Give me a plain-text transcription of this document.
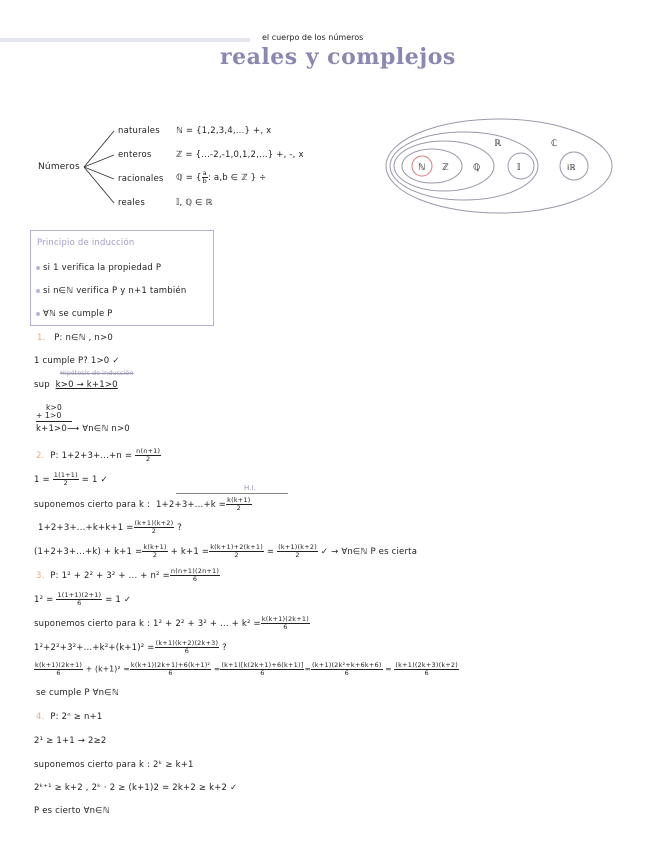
el cuerpo de los números
reales y complejos
Números
naturales ℕ = {1,2,3,4,...} +, x
enteros	ℤ = {...-2,-1,0,1,2,...} +, -, x
racionales ℚ = { $\frac{a}{b}$ : a,b ∈ ℤ } ÷
reales	𝕀, ℚ ∈ ℝ
ℕ ℤ	ℚ
ℝ
𝕀
ℂ
iℝ
Principio de inducción
si 1 verifica la propiedad P
si n∈ℕ verifica P y n+1 también
∀ℕ se cumple P
1. P: n∈ℕ , n>0
1 cumple P? 1>0 ✓
Hipótesis de inducción
sup k>0 → k+1>0
k>0
+ 1>0
k+1>0⟶ ∀n∈ℕ n>0
2. P: $1+2+3+...+n = \frac{n(n+1)}{2}$
$1 = \frac{1(1+1)}{2} = 1$ ✓
H.I.
suponemos cierto para k : $1+2+3+...+k = \frac{k(k+1)}{2}$
$1+2+3+...+k+k+1 = \frac{(k+1)(k+2)}{2}$ ?
$(1+2+3+...+k) + k+1 = \frac{k(k+1)}{2} + k+1 = \frac{k(k+1)+2(k+1)}{2} = \frac{(k+1)(k+2)}{2}$ ✓ → ∀n∈ℕ P es cierta
3. P: 1² + 2² + 3² + ... + $n^2 = \frac{n(n+1)(2n+1)}{6}$
$1^2 = \frac{1(1+1)(2+1)}{6} = 1$ ✓
suponemos cierto para k : 1² + 2² + 3² + ... + $k^2 = \frac{k(k+1)(2k+1)}{6}$
$1^2+2^2+3^2+...+k^2+(k+1)^2 = \frac{(k+1)(k+2)(2k+3)}{6}$ ?
$\frac{k(k+1)(2k+1)}{6} + (k+1)^2 = \frac{\text{k(k+1)(2k+1)+6(k+1)²}}{6} = \frac{(k+1)[k(2k+1)+6(k+1)]}{6} = \frac{\text{(k+1)(2k²+k+6k+6)}}{6} = \frac{(k+1)(2k+3)(k+2)}{6}$
se cumple P ∀n∈ℕ
4. P: 2ⁿ ≥ n+1
2¹ ≥ 1+1 → 2≥2
suponemos cierto para k : 2ᵏ ≥ k+1
2ᵏ⁺¹ ≥ k+2 , 2ᵏ · 2 ≥ (k+1)2 = 2k+2 ≥ k+2 ✓
P es cierto ∀n∈ℕ
